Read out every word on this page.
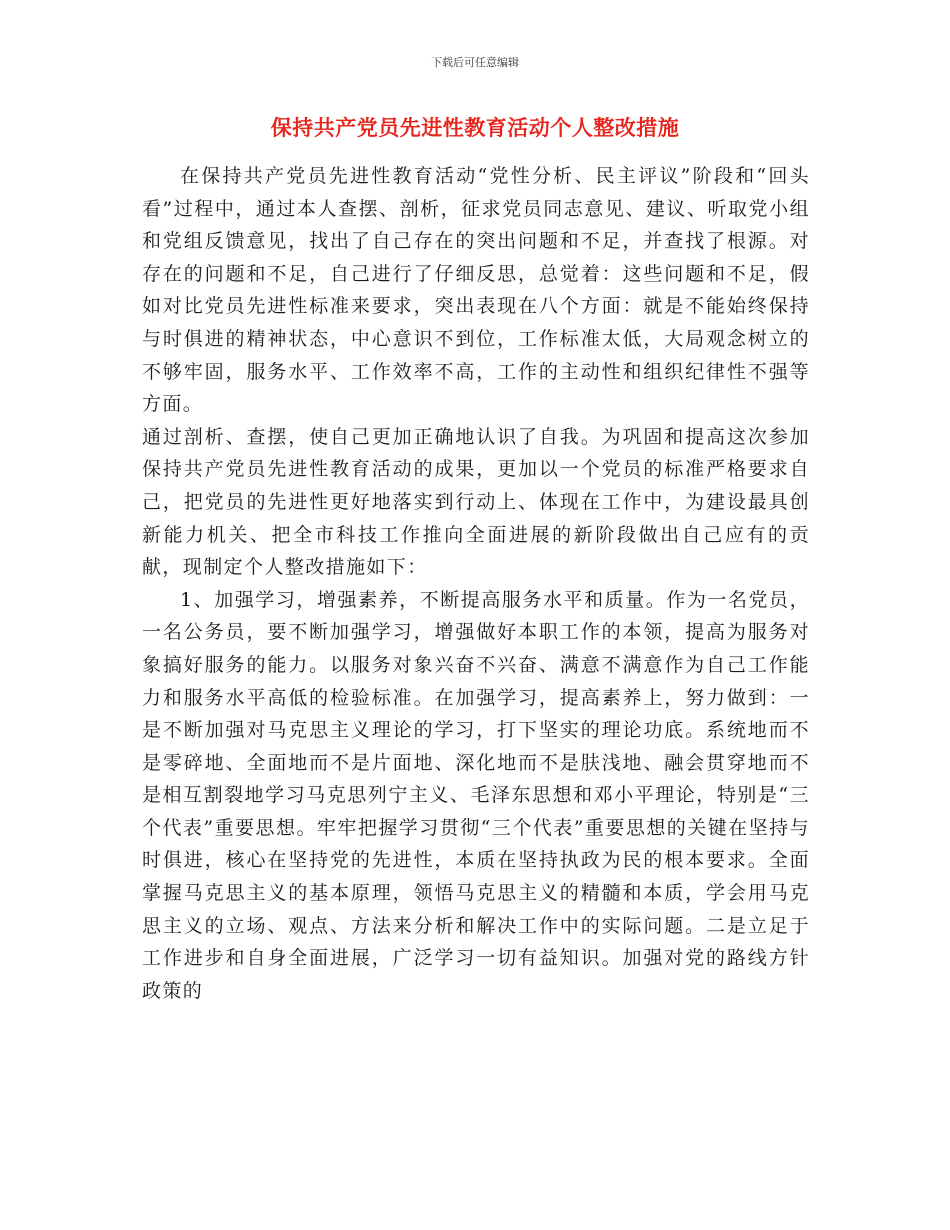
下载后可任意编辑
保持共产党员先进性教育活动个人整改措施

在保持共产党员先进性教育活动“党性分析、民主评议”阶段和“回头看”过程中，通过本人查摆、剖析，征求党员同志意见、建议、听取党小组和党组反馈意见，找出了自己存在的突出问题和不足，并查找了根源。对存在的问题和不足，自己进行了仔细反思，总觉着：这些问题和不足，假如对比党员先进性标准来要求，突出表现在八个方面：就是不能始终保持与时俱进的精神状态，中心意识不到位，工作标准太低，大局观念树立的不够牢固，服务水平、工作效率不高，工作的主动性和组织纪律性不强等方面。

通过剖析、查摆，使自己更加正确地认识了自我。为巩固和提高这次参加保持共产党员先进性教育活动的成果，更加以一个党员的标准严格要求自己，把党员的先进性更好地落实到行动上、体现在工作中，为建设最具创新能力机关、把全市科技工作推向全面进展的新阶段做出自己应有的贡献，现制定个人整改措施如下：

1、加强学习，增强素养，不断提高服务水平和质量。作为一名党员，一名公务员，要不断加强学习，增强做好本职工作的本领，提高为服务对象搞好服务的能力。以服务对象兴奋不兴奋、满意不满意作为自己工作能力和服务水平高低的检验标准。在加强学习，提高素养上，努力做到：一是不断加强对马克思主义理论的学习，打下坚实的理论功底。系统地而不是零碎地、全面地而不是片面地、深化地而不是肤浅地、融会贯穿地而不是相互割裂地学习马克思列宁主义、毛泽东思想和邓小平理论，特别是“三个代表”重要思想。牢牢把握学习贯彻“三个代表”重要思想的关键在坚持与时俱进，核心在坚持党的先进性，本质在坚持执政为民的根本要求。全面掌握马克思主义的基本原理，领悟马克思主义的精髓和本质，学会用马克思主义的立场、观点、方法来分析和解决工作中的实际问题。二是立足于工作进步和自身全面进展，广泛学习一切有益知识。加强对党的路线方针政策的
